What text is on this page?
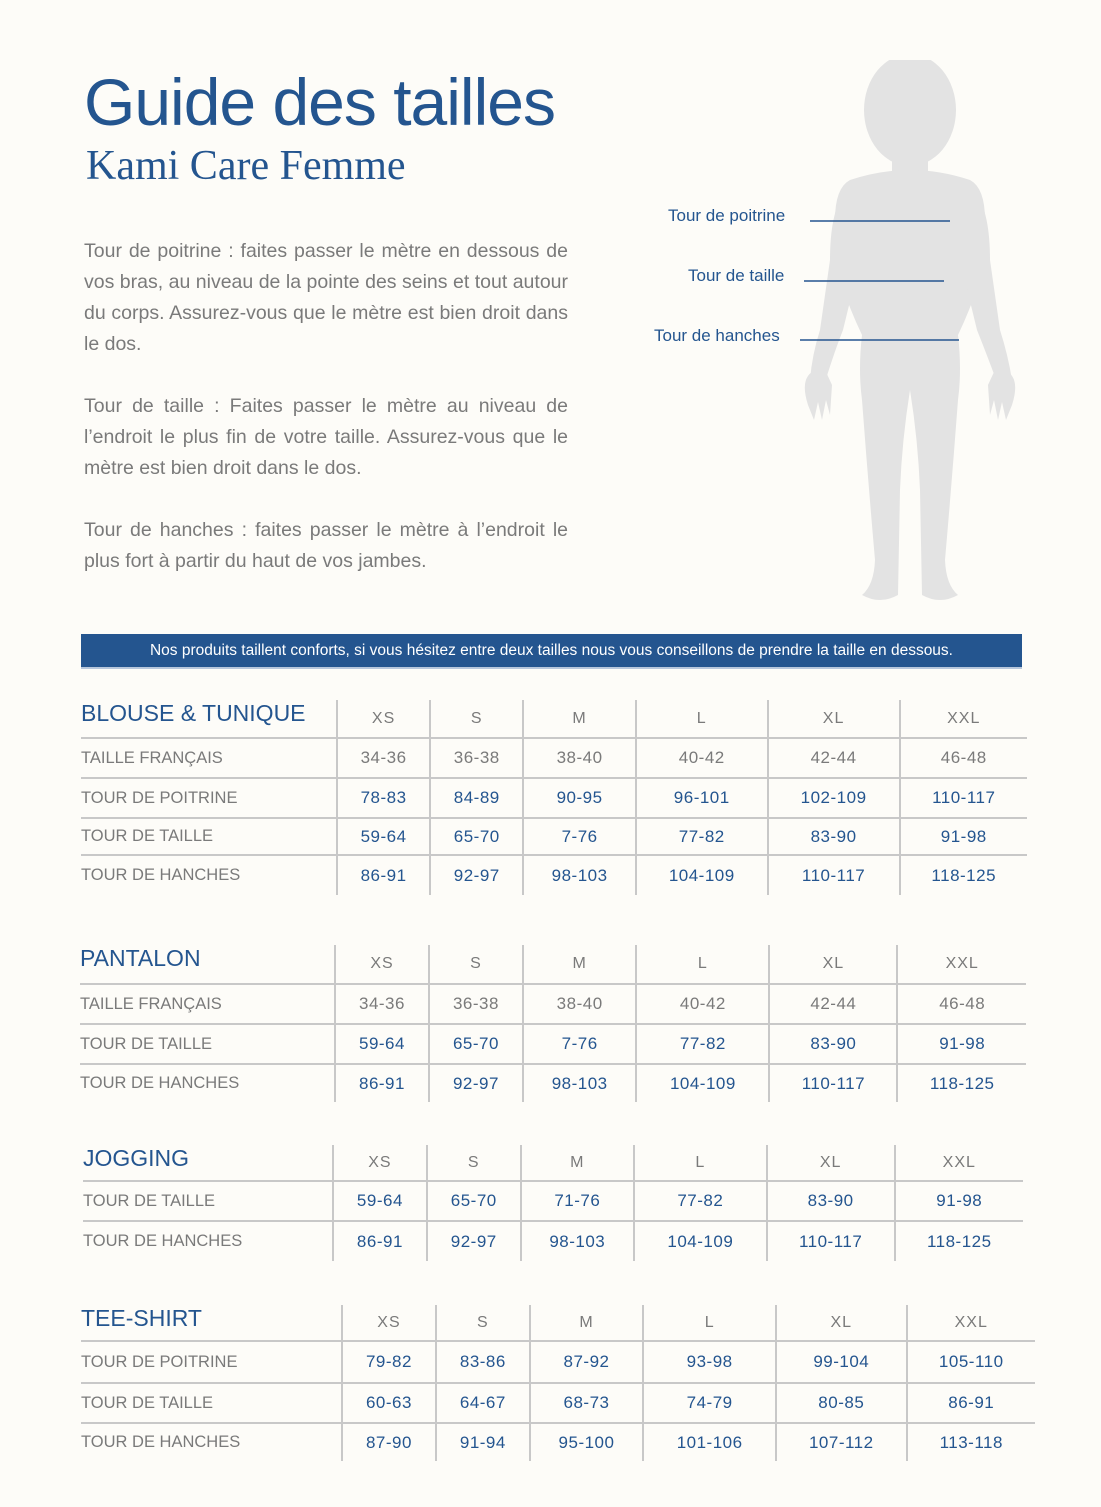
Guide des tailles
Kami Care Femme

Tour de poitrine : faites passer le mètre en dessous de vos bras, au niveau de la pointe des seins et tout autour du corps. Assurez-vous que le mètre est bien droit dans le dos.

Tour de taille : Faites passer le mètre au niveau de l’endroit le plus fin de votre taille. Assurez-vous que le mètre est bien droit dans le dos.

Tour de hanches : faites passer le mètre à l’endroit le plus fort à partir du haut de vos jambes.

Tour de poitrine
Tour de taille
Tour de hanches
Nos produits taillent conforts, si vous hésitez entre deux tailles nous vous conseillons de prendre la taille en dessous.
BLOUSE & TUNIQUE	XS	S	M	L	XL	XXL
TAILLE FRANÇAIS	34-36	36-38	38-40	40-42	42-44	46-48
TOUR DE POITRINE	78-83	84-89	90-95	96-101	102-109	110-117
TOUR DE TAILLE	59-64	65-70	7-76	77-82	83-90	91-98
TOUR DE HANCHES	86-91	92-97	98-103	104-109	110-117	118-125
PANTALON	XS	S	M	L	XL	XXL
TAILLE FRANÇAIS	34-36	36-38	38-40	40-42	42-44	46-48
TOUR DE TAILLE	59-64	65-70	7-76	77-82	83-90	91-98
TOUR DE HANCHES	86-91	92-97	98-103	104-109	110-117	118-125
JOGGING	XS	S	M	L	XL	XXL
TOUR DE TAILLE	59-64	65-70	71-76	77-82	83-90	91-98
TOUR DE HANCHES	86-91	92-97	98-103	104-109	110-117	118-125
TEE-SHIRT	XS	S	M	L	XL	XXL
TOUR DE POITRINE	79-82	83-86	87-92	93-98	99-104	105-110
TOUR DE TAILLE	60-63	64-67	68-73	74-79	80-85	86-91
TOUR DE HANCHES	87-90	91-94	95-100	101-106	107-112	113-118
